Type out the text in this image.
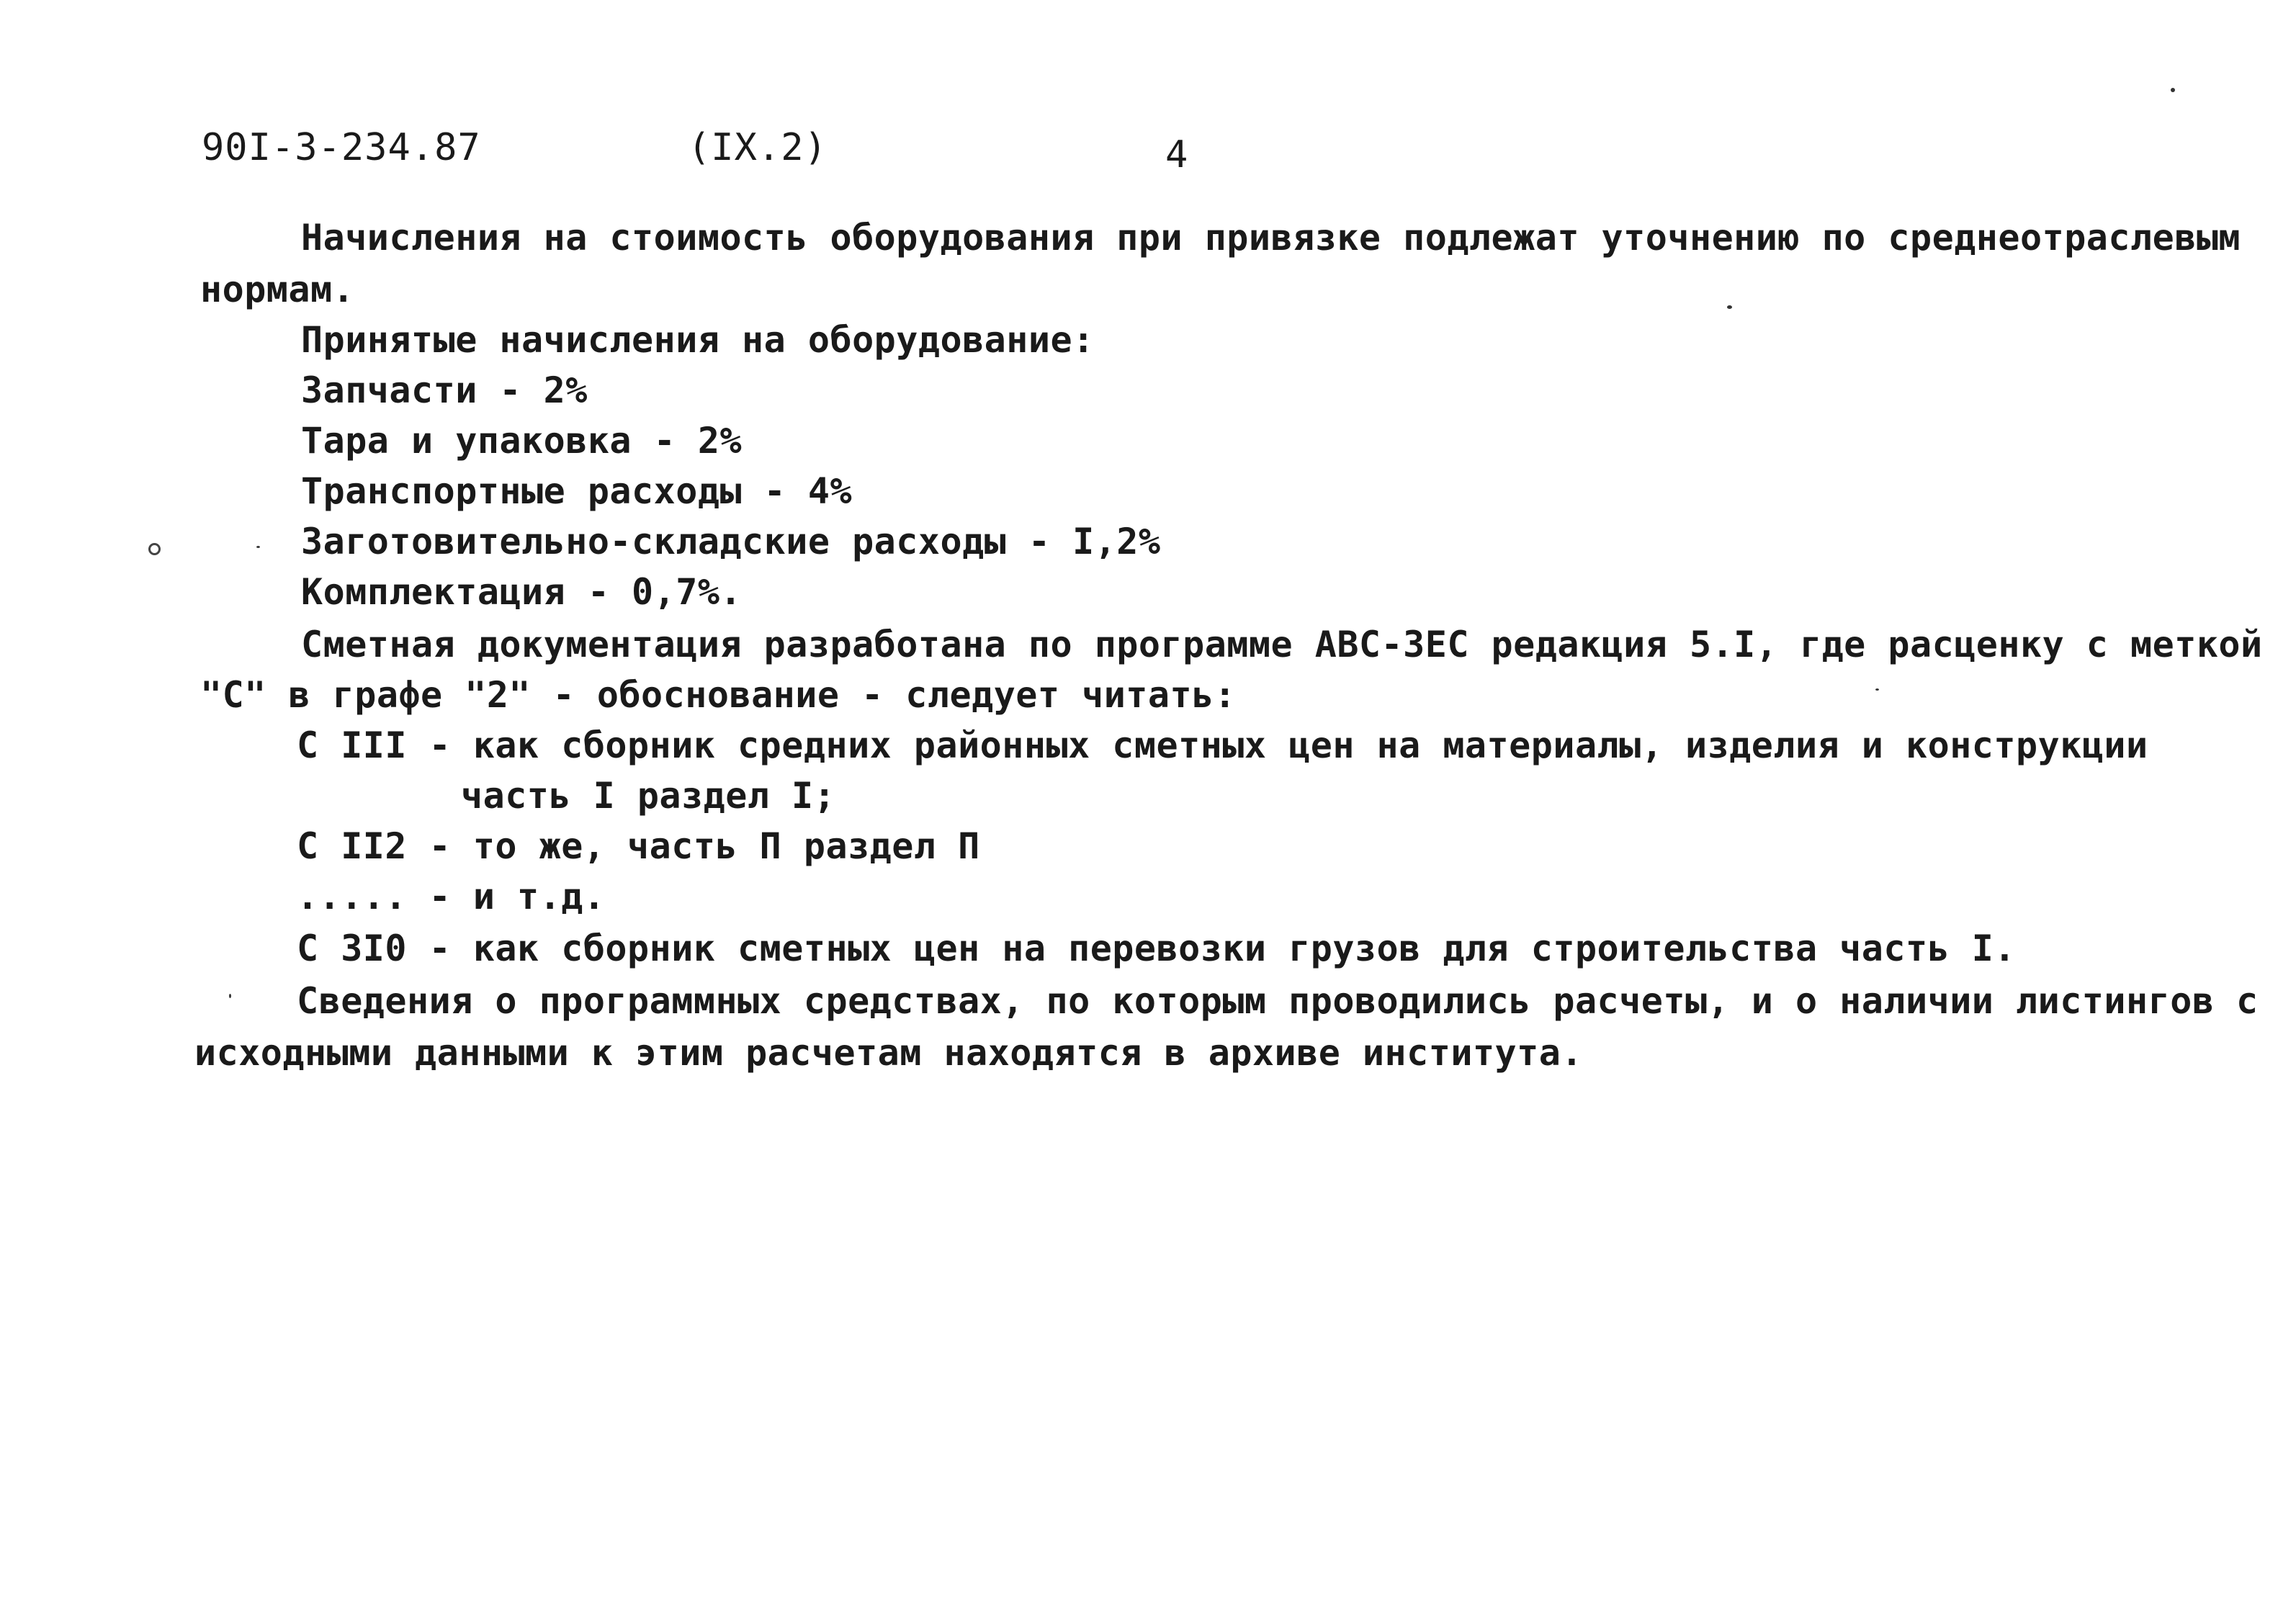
90I-3-234.87	(IX.2)	4

Начисления на стоимость оборудования при привязке подлежат уточнению по среднеотраслевым

нормам.

Принятые начисления на оборудование:

Запчасти - 2%

Тара и упаковка - 2%

Транспортные расходы - 4%

Заготовительно-складские расходы - I,2%

Комплектация - 0,7%.

Сметная документация разработана по программе АВС-ЗЕС редакция 5.I, где расценку с меткой

"С" в графе "2" - обоснование - следует читать:

С III - как сборник средних районных сметных цен на материалы, изделия и конструкции

часть I раздел I;

С II2 - то же, часть П раздел П

..... - и т.д.

С 3I0 - как сборник сметных цен на перевозки грузов для строительства часть I.

Сведения о программных средствах, по которым проводились расчеты, и о наличии листингов с

исходными данными к этим расчетам находятся в архиве института.
